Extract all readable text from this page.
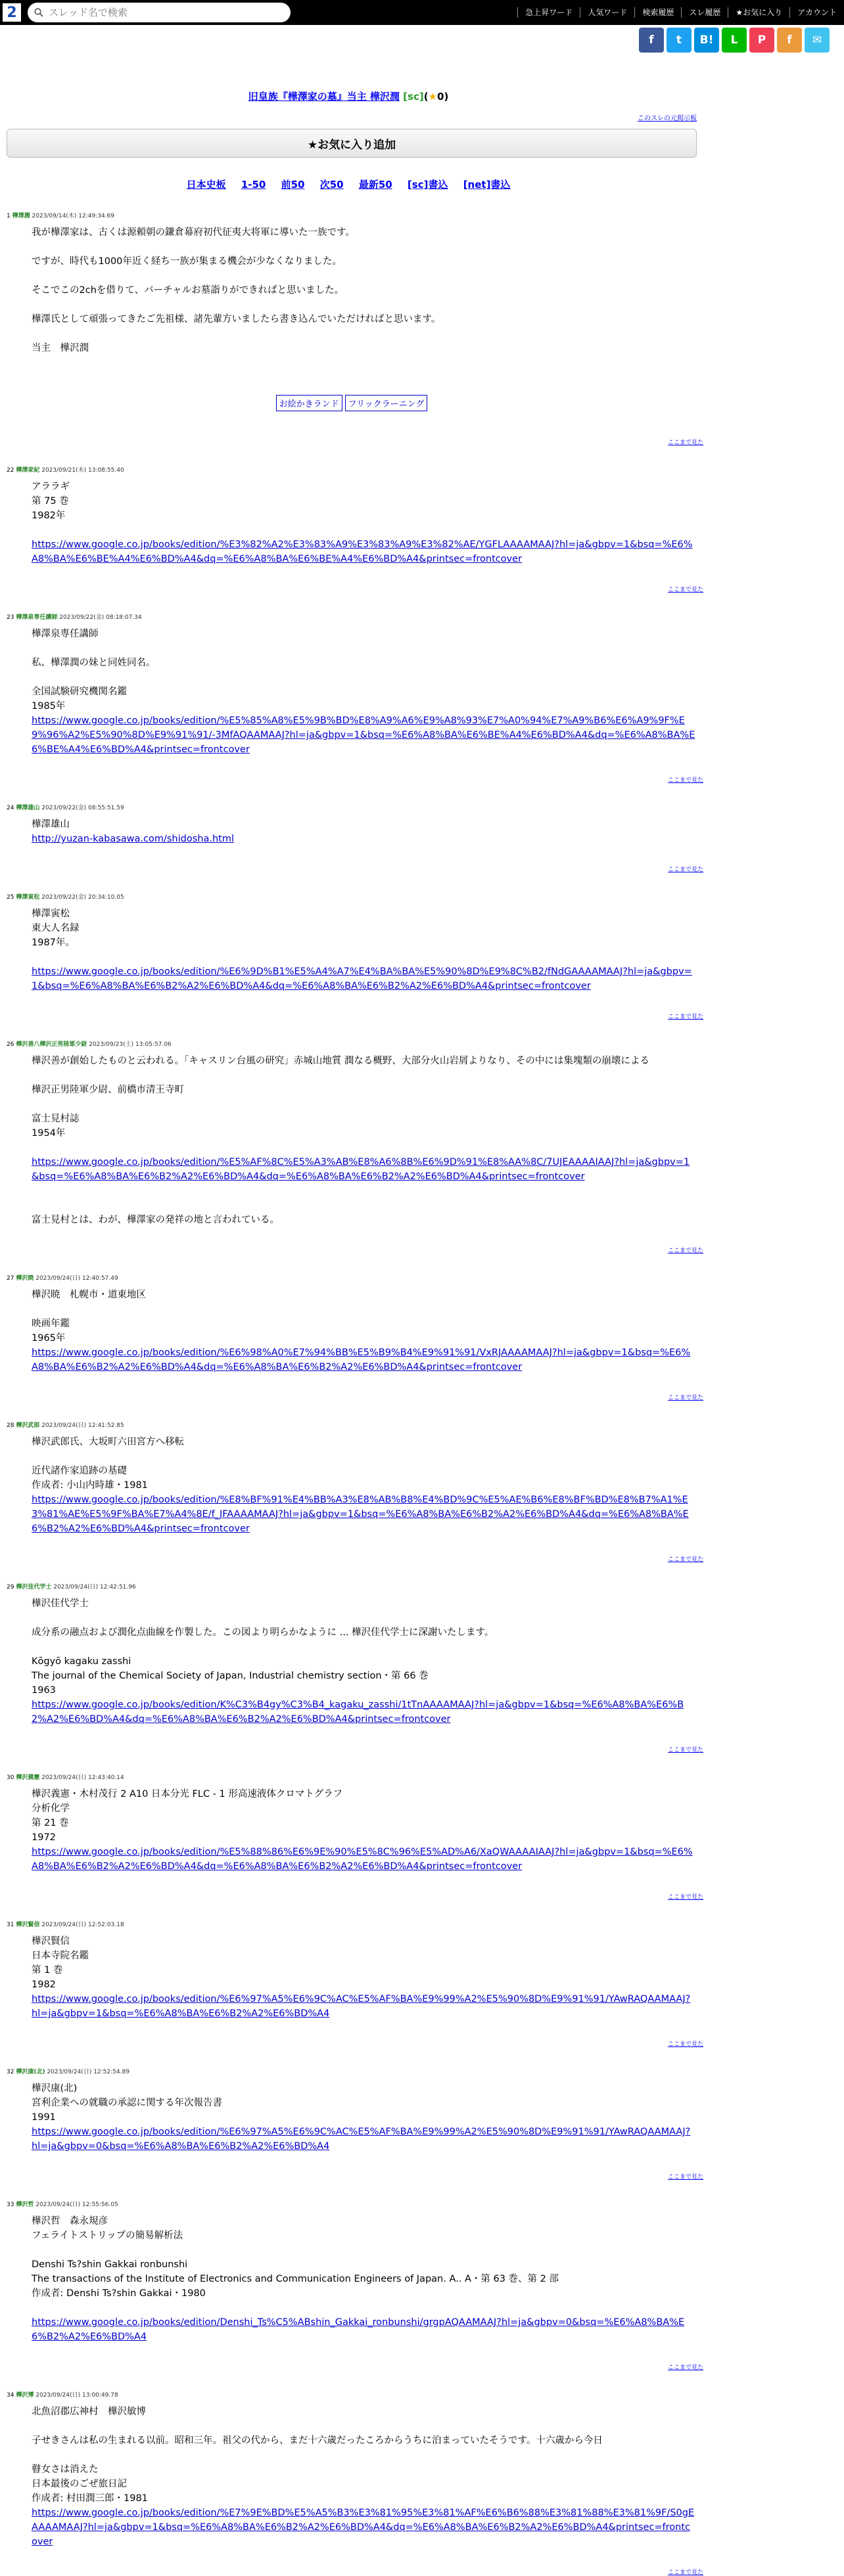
2
スレッド名で検索	急上昇ワード	人気ワード	検索履歴	スレ履歴	★お気に入り	アカウント
f	t	B!	L	P	f	✉
旧皇族『樺澤家の墓』当主 樺沢潤 [sc](★0)
このスレの元掲示板
★お気に入り追加
日本史板 1-50 前50 次50 最新50 [sc]書込 [net]書込
1 樺澤潤 2023/09/14(木) 12:49:34.69

我が樺澤家は、古くは源頼朝の鎌倉幕府初代征夷大将軍に導いた一族です。

ですが、時代も1000年近く経ち一族が集まる機会が少なくなりました。

そこでこの2chを借りて、バーチャルお墓詣りができればと思いました。

樺澤氏として頑張ってきたご先祖様、諸先輩方いましたら書き込んでいただければと思います。

当主　樺沢潤

お絵かきランド フリックラーニング
ここまで見た
22 樺澤家紀 2023/09/21(木) 13:08:55.40

アララギ

第 75 巻

1982年

https://www.google.co.jp/books/edition/%E3%82%A2%E3%83%A9%E3%83%A9%E3%82%AE/YGFLAAAAMAAJ?hl=ja&gbpv=1&bsq=%E6%A8%BA%E6%BE%A4%E6%BD%A4&dq=%E6%A8%BA%E6%BE%A4%E6%BD%A4&printsec=frontcover

ここまで見た
23 樺澤泉専任講師 2023/09/22(金) 08:18:07.34

樺澤泉専任講師

私、樺澤潤の妹と同姓同名。

全国試験研究機関名鑑

1985年

https://www.google.co.jp/books/edition/%E5%85%A8%E5%9B%BD%E8%A9%A6%E9%A8%93%E7%A0%94%E7%A9%B6%E6%A9%9F%E9%96%A2%E5%90%8D%E9%91%91/-3MfAQAAMAAJ?hl=ja&gbpv=1&bsq=%E6%A8%BA%E6%BE%A4%E6%BD%A4&dq=%E6%A8%BA%E6%BE%A4%E6%BD%A4&printsec=frontcover

ここまで見た
24 樺澤雄山 2023/09/22(金) 08:55:51.59

樺澤雄山

http://yuzan-kabasawa.com/shidosha.html

ここまで見た
25 樺澤寅松 2023/09/22(金) 20:34:10.05

樺澤寅松

東大人名録

1987年。

https://www.google.co.jp/books/edition/%E6%9D%B1%E5%A4%A7%E4%BA%BA%E5%90%8D%E9%8C%B2/fNdGAAAAMAAJ?hl=ja&gbpv=1&bsq=%E6%A8%BA%E6%B2%A2%E6%BD%A4&dq=%E6%A8%BA%E6%B2%A2%E6%BD%A4&printsec=frontcover

ここまで見た
26 樺沢善八樺沢正男陸軍少尉 2023/09/23(土) 13:05:57.06

樺沢善が創始したものと云われる。「キャスリン台風の研究」赤城山地質 潤なる概野、大部分火山岩屑よりなり、その中には集塊類の崩壊による

樺沢正男陸軍少尉、前橋市清王寺町

富士見村誌

1954年

https://www.google.co.jp/books/edition/%E5%AF%8C%E5%A3%AB%E8%A6%8B%E6%9D%91%E8%AA%8C/7UJEAAAAIAAJ?hl=ja&gbpv=1&bsq=%E6%A8%BA%E6%B2%A2%E6%BD%A4&dq=%E6%A8%BA%E6%B2%A2%E6%BD%A4&printsec=frontcover

富士見村とは、わが、樺澤家の発祥の地と言われている。

ここまで見た
27 樺沢暁 2023/09/24(日) 12:40:57.49

樺沢暁　札幌市・道東地区

映画年鑑

1965年

https://www.google.co.jp/books/edition/%E6%98%A0%E7%94%BB%E5%B9%B4%E9%91%91/VxRJAAAAMAAJ?hl=ja&gbpv=1&bsq=%E6%A8%BA%E6%B2%A2%E6%BD%A4&dq=%E6%A8%BA%E6%B2%A2%E6%BD%A4&printsec=frontcover

ここまで見た
28 樺沢武郎 2023/09/24(日) 12:41:52.85

樺沢武郎氏、大坂町六田宮方へ移転

近代諸作家追跡の基礎

作成者: 小山内時雄・1981

https://www.google.co.jp/books/edition/%E8%BF%91%E4%BB%A3%E8%AB%B8%E4%BD%9C%E5%AE%B6%E8%BF%BD%E8%B7%A1%E3%81%AE%E5%9F%BA%E7%A4%8E/f_JFAAAAMAAJ?hl=ja&gbpv=1&bsq=%E6%A8%BA%E6%B2%A2%E6%BD%A4&dq=%E6%A8%BA%E6%B2%A2%E6%BD%A4&printsec=frontcover

ここまで見た
29 樺沢佳代学士 2023/09/24(日) 12:42:51.96

樺沢佳代学士

成分系の融点および潤化点曲線を作製した。この図より明らかなように ... 樺沢佳代学士に深謝いたします。

Kōgyō kagaku zasshi

The journal of the Chemical Society of Japan, Industrial chemistry section・第 66 巻

1963

https://www.google.co.jp/books/edition/K%C3%B4gy%C3%B4_kagaku_zasshi/1tTnAAAAMAAJ?hl=ja&gbpv=1&bsq=%E6%A8%BA%E6%B2%A2%E6%BD%A4&dq=%E6%A8%BA%E6%B2%A2%E6%BD%A4&printsec=frontcover

ここまで見た
30 樺沢義憲 2023/09/24(日) 12:43:40.14

樺沢義憲・木村茂行 2 A10 日本分光 FLC - 1 形高速液体クロマトグラフ

分析化学

第 21 巻

1972

https://www.google.co.jp/books/edition/%E5%88%86%E6%9E%90%E5%8C%96%E5%AD%A6/XaQWAAAAIAAJ?hl=ja&gbpv=1&bsq=%E6%A8%BA%E6%B2%A2%E6%BD%A4&dq=%E6%A8%BA%E6%B2%A2%E6%BD%A4&printsec=frontcover

ここまで見た
31 樺沢賢信 2023/09/24(日) 12:52:03.18

樺沢賢信

日本寺院名鑑

第 1 巻

1982

https://www.google.co.jp/books/edition/%E6%97%A5%E6%9C%AC%E5%AF%BA%E9%99%A2%E5%90%8D%E9%91%91/YAwRAQAAMAAJ?hl=ja&gbpv=1&bsq=%E6%A8%BA%E6%B2%A2%E6%BD%A4

ここまで見た
32 樺沢康(北) 2023/09/24(日) 12:52:54.89

樺沢康(北)

宮利企業への就職の承認に関する年次報告書

1991

https://www.google.co.jp/books/edition/%E6%97%A5%E6%9C%AC%E5%AF%BA%E9%99%A2%E5%90%8D%E9%91%91/YAwRAQAAMAAJ?hl=ja&gbpv=0&bsq=%E6%A8%BA%E6%B2%A2%E6%BD%A4

ここまで見た
33 樺沢哲 2023/09/24(日) 12:55:56.05

樺沢哲　森永規彦

フェライトストリップの簡易解析法

Denshi Ts?shin Gakkai ronbunshi

The transactions of the Institute of Electronics and Communication Engineers of Japan. A.. A・第 63 巻、第 2 部

作成者: Denshi Ts?shin Gakkai・1980

https://www.google.co.jp/books/edition/Denshi_Ts%C5%ABshin_Gakkai_ronbunshi/grgpAQAAMAAJ?hl=ja&gbpv=0&bsq=%E6%A8%BA%E6%B2%A2%E6%BD%A4

ここまで見た
34 樺沢博 2023/09/24(日) 13:00:49.78

北魚沼郡広神村　樺沢敏博

子せきさんは私の生まれる以前。昭和三年。祖父の代から、まだ十六歳だったころからうちに泊まっていたそうです。十六歳から今日

瞽女さは消えた

日本最後のごぜ旅日記

作成者: 村田潤三郎・1981

https://www.google.co.jp/books/edition/%E7%9E%BD%E5%A5%B3%E3%81%95%E3%81%AF%E6%B6%88%E3%81%88%E3%81%9F/S0gEAAAAMAAJ?hl=ja&gbpv=1&bsq=%E6%A8%BA%E6%B2%A2%E6%BD%A4&dq=%E6%A8%BA%E6%B2%A2%E6%BD%A4&printsec=frontcover

ここまで見た
